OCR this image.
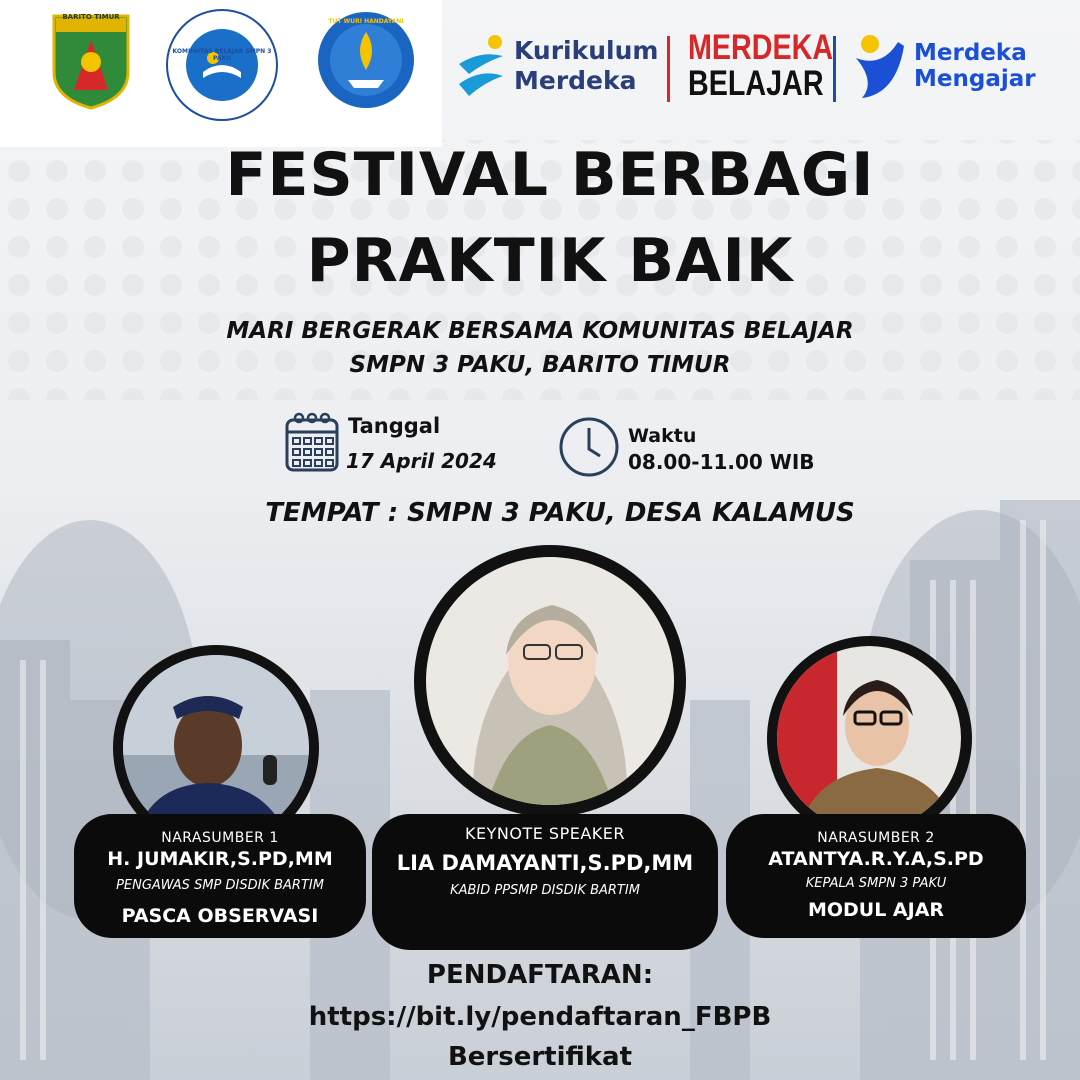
BARITO TIMUR
KOMUNITAS BELAJAR SMPN 3 PAKU
TUT WURI HANDAYANI
Kurikulum
Merdeka
MERDEKA
BELAJAR
Merdeka
Mengajar
FESTIVAL BERBAGI
PRAKTIK BAIK
MARI BERGERAK BERSAMA KOMUNITAS BELAJAR
SMPN 3 PAKU, BARITO TIMUR
Tanggal
17 April 2024
Waktu
08.00-11.00 WIB
TEMPAT : SMPN 3 PAKU, DESA KALAMUS
NARASUMBER 1
H. JUMAKIR,S.PD,MM
PENGAWAS SMP DISDIK BARTIM
PASCA OBSERVASI
KEYNOTE SPEAKER
LIA DAMAYANTI,S.PD,MM
KABID PPSMP DISDIK BARTIM
NARASUMBER 2
ATANTYA.R.Y.A,S.PD
KEPALA SMPN 3 PAKU
MODUL AJAR
PENDAFTARAN:
https://bit.ly/pendaftaran_FBPB
Bersertifikat
